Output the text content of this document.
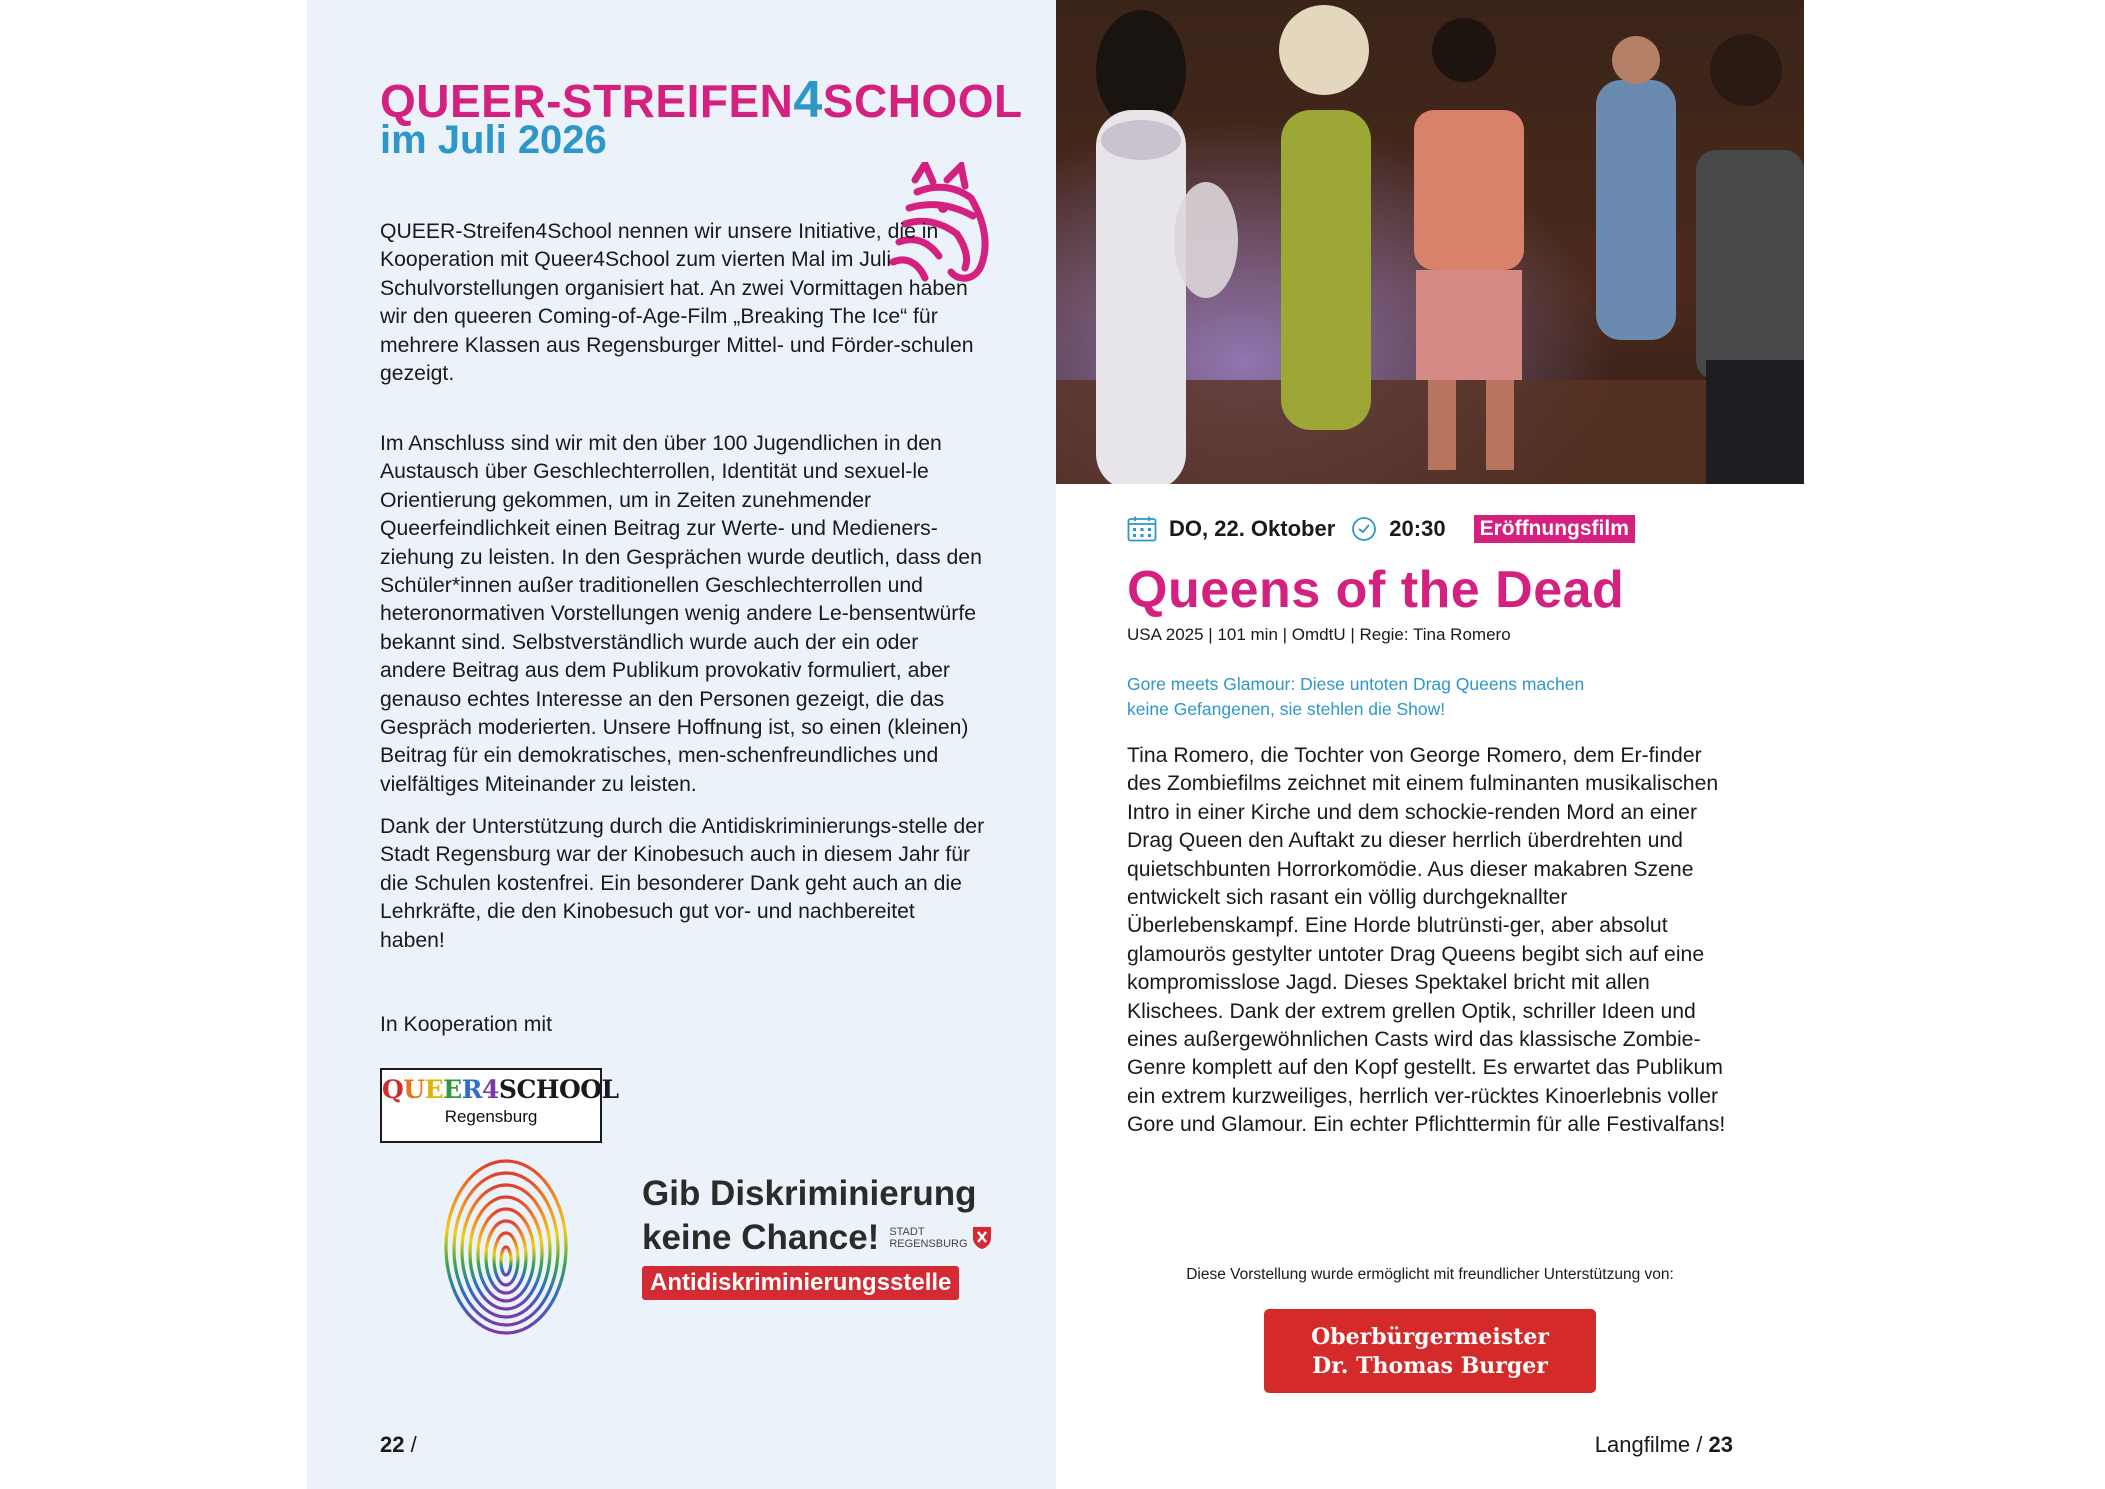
QUEER-STREIFEN4SCHOOL
im Juli 2026

QUEER-Streifen4School nennen wir unsere Initiative, die in Kooperation mit Queer4School zum vierten Mal im Juli Schulvorstellungen organisiert hat. An zwei Vormittagen haben wir den queeren Coming-of-Age-Film „Breaking The Ice“ für mehrere Klassen aus Regensburger Mittel- und Förder-schulen gezeigt.

Im Anschluss sind wir mit den über 100 Jugendlichen in den Austausch über Geschlechterrollen, Identität und sexuel-le Orientierung gekommen, um in Zeiten zunehmender Queerfeindlichkeit einen Beitrag zur Werte- und Medieners-ziehung zu leisten. In den Gesprächen wurde deutlich, dass den Schüler*innen außer traditionellen Geschlechterrollen und heteronormativen Vorstellungen wenig andere Le-bensentwürfe bekannt sind. Selbstverständlich wurde auch der ein oder andere Beitrag aus dem Publikum provokativ formuliert, aber genauso echtes Interesse an den Personen gezeigt, die das Gespräch moderierten. Unsere Hoffnung ist, so einen (kleinen) Beitrag für ein demokratisches, men-schenfreundliches und vielfältiges Miteinander zu leisten.

Dank der Unterstützung durch die Antidiskriminierungs-stelle der Stadt Regensburg war der Kinobesuch auch in diesem Jahr für die Schulen kostenfrei. Ein besonderer Dank geht auch an die Lehrkräfte, die den Kinobesuch gut vor- und nachbereitet haben!

In Kooperation mit
QUEER4SCHOOL
Regensburg
Gib Diskriminierung
keine Chance! STADT
REGENSBURG
Antidiskriminierungsstelle
22 /
DO, 22. Oktober 20:30 Eröffnungsfilm
Queens of the Dead
USA 2025 | 101 min | OmdtU | Regie: Tina Romero
Gore meets Glamour: Diese untoten Drag Queens machen keine Gefangenen, sie stehlen die Show!

Tina Romero, die Tochter von George Romero, dem Er-finder des Zombiefilms zeichnet mit einem fulminanten musikalischen Intro in einer Kirche und dem schockie-renden Mord an einer Drag Queen den Auftakt zu dieser herrlich überdrehten und quietschbunten Horrorkomödie. Aus dieser makabren Szene entwickelt sich rasant ein völlig durchgeknallter Überlebenskampf. Eine Horde blutrünsti-ger, aber absolut glamourös gestylter untoter Drag Queens begibt sich auf eine kompromisslose Jagd. Dieses Spektakel bricht mit allen Klischees. Dank der extrem grellen Optik, schriller Ideen und eines außergewöhnlichen Casts wird das klassische Zombie-Genre komplett auf den Kopf gestellt. Es erwartet das Publikum ein extrem kurzweiliges, herrlich ver-rücktes Kinoerlebnis voller Gore und Glamour. Ein echter Pflichttermin für alle Festivalfans!

Diese Vorstellung wurde ermöglicht mit freundlicher Unterstützung von:
Oberbürgermeister
Dr. Thomas Burger
Langfilme / 23
